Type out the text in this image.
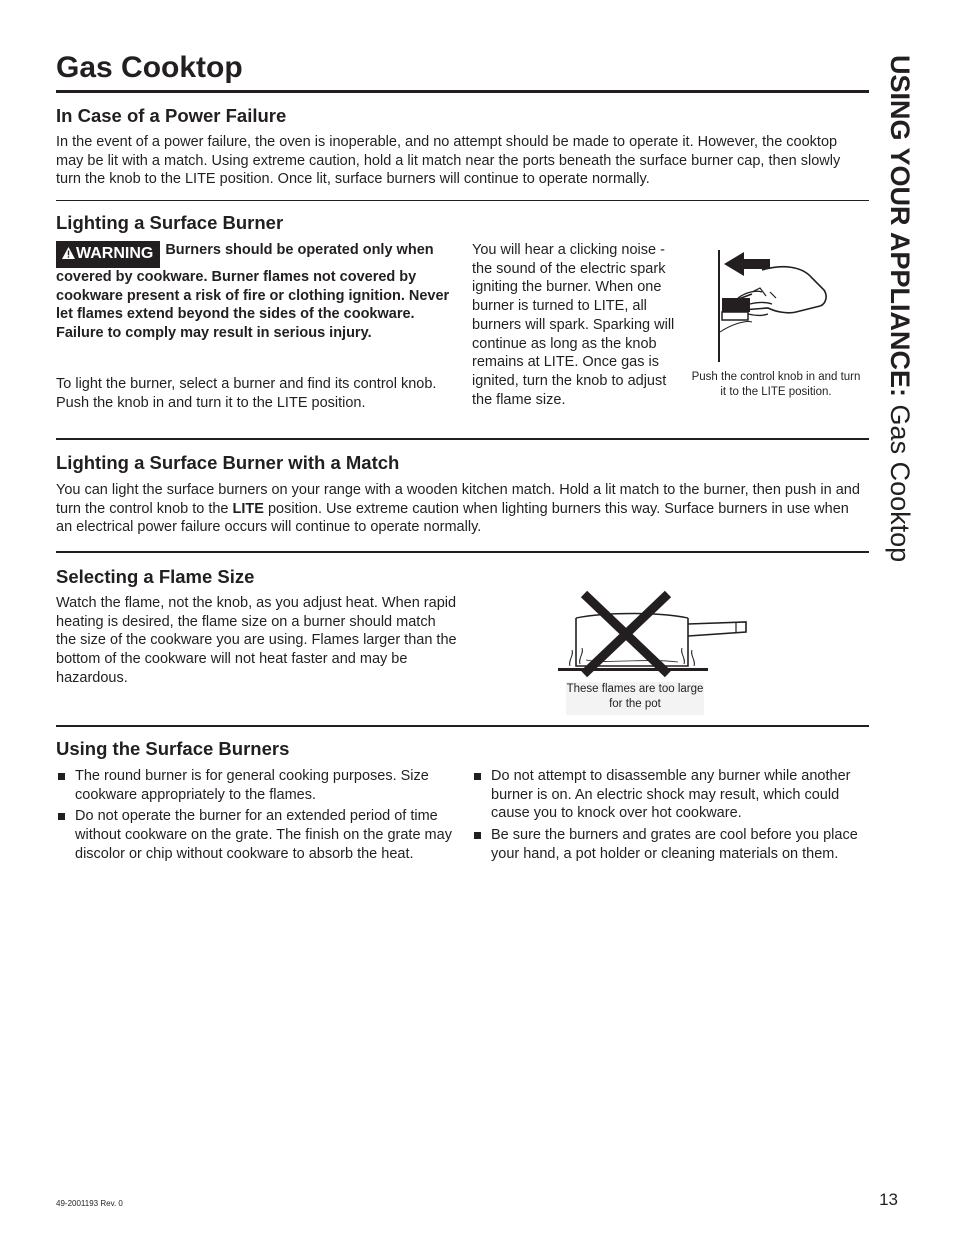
Gas Cooktop	USING YOUR APPLIANCE: Gas Cooktop
In Case of a Power Failure

In the event of a power failure, the oven is inoperable, and no attempt should be made to operate it. However, the cooktop may be lit with a match. Using extreme caution, hold a lit match near the ports beneath the surface burner cap, then slowly turn the knob to the LITE position. Once lit, surface burners will continue to operate normally.

Lighting a Surface Burner

WARNING Burners should be operated only when covered by cookware. Burner flames not covered by cookware present a risk of fire or clothing ignition. Never let flames extend beyond the sides of the cookware. Failure to comply may result in serious injury.

To light the burner, select a burner and find its control knob. Push the knob in and turn it to the LITE position.

You will hear a clicking noise - the sound of the electric spark igniting the burner. When one burner is turned to LITE, all burners will spark. Sparking will continue as long as the knob remains at LITE. Once gas is ignited, turn the knob to adjust the flame size.

Push the control knob in and turn it to the LITE position.
Lighting a Surface Burner with a Match

You can light the surface burners on your range with a wooden kitchen match. Hold a lit match to the burner, then push in and turn the control knob to the LITE position. Use extreme caution when lighting burners this way. Surface burners in use when an electrical power failure occurs will continue to operate normally.

Selecting a Flame Size

Watch the flame, not the knob, as you adjust heat. When rapid heating is desired, the flame size on a burner should match the size of the cookware you are using. Flames larger than the bottom of the cookware will not heat faster and may be hazardous.

These flames are too large for the pot
Using the Surface Burners
The round burner is for general cooking purposes. Size cookware appropriately to the flames.
Do not operate the burner for an extended period of time without cookware on the grate. The finish on the grate may discolor or chip without cookware to absorb the heat.
Do not attempt to disassemble any burner while another burner is on. An electric shock may result, which could cause you to knock over hot cookware.
Be sure the burners and grates are cool before you place your hand, a pot holder or cleaning materials on them.
49-2001193 Rev. 0	13
